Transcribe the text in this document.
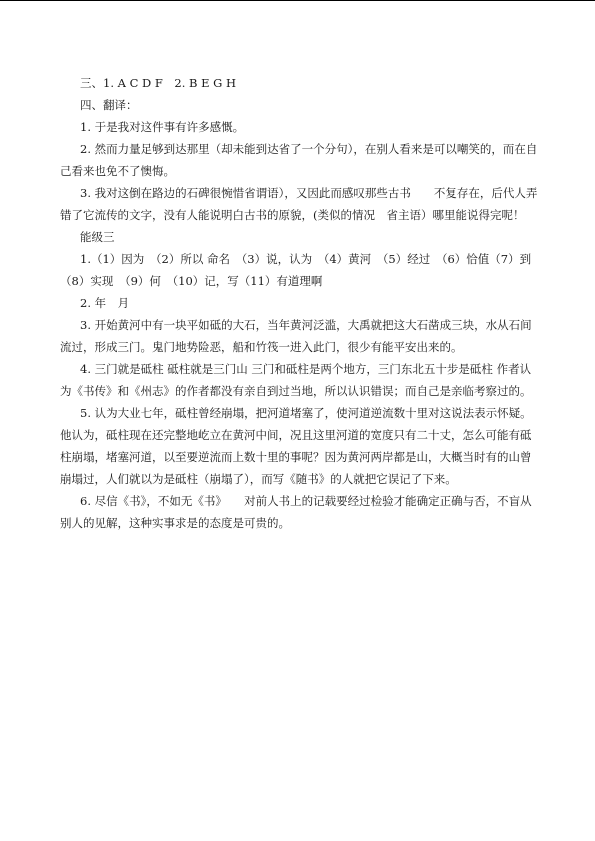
三、1. A C D F　2. B E G H

四、翻译：

1. 于是我对这件事有许多感慨。

2. 然而力量足够到达那里（却未能到达省了一个分句），在别人看来是可以嘲笑的，而在自己看来也免不了懊悔。

3. 我对这倒在路边的石碑很惋惜省谓语），又因此而感叹那些古书　　不复存在，后代人弄错了它流传的文字，没有人能说明白古书的原貌，(类似的情况　省主语）哪里能说得完呢！

能级三

1.（1）因为　（2）所以 命名　（3）说，认为　（4）黄河　（5）经过　（6）恰值（7）到　（8）实现　（9）何　（10）记，写（11）有道理啊

2. 年　月

3. 开始黄河中有一块平如砥的大石，当年黄河泛滥，大禹就把这大石凿成三块，水从石间流过，形成三门。鬼门地势险恶，船和竹筏一进入此门，很少有能平安出来的。

4. 三门就是砥柱 砥柱就是三门山 三门和砥柱是两个地方，三门东北五十步是砥柱 作者认为《书传》和《州志》的作者都没有亲自到过当地，所以认识错误；而自己是亲临考察过的。

5. 认为大业七年，砥柱曾经崩塌，把河道堵塞了，使河道逆流数十里对这说法表示怀疑。他认为，砥柱现在还完整地屹立在黄河中间，况且这里河道的宽度只有二十丈，怎么可能有砥柱崩塌，堵塞河道，以至要逆流而上数十里的事呢？因为黄河两岸都是山，大概当时有的山曾崩塌过，人们就以为是砥柱（崩塌了），而写《随书》的人就把它误记了下来。

6. 尽信《书》，不如无《书》　　对前人书上的记载要经过检验才能确定正确与否，不盲从别人的见解，这种实事求是的态度是可贵的。
